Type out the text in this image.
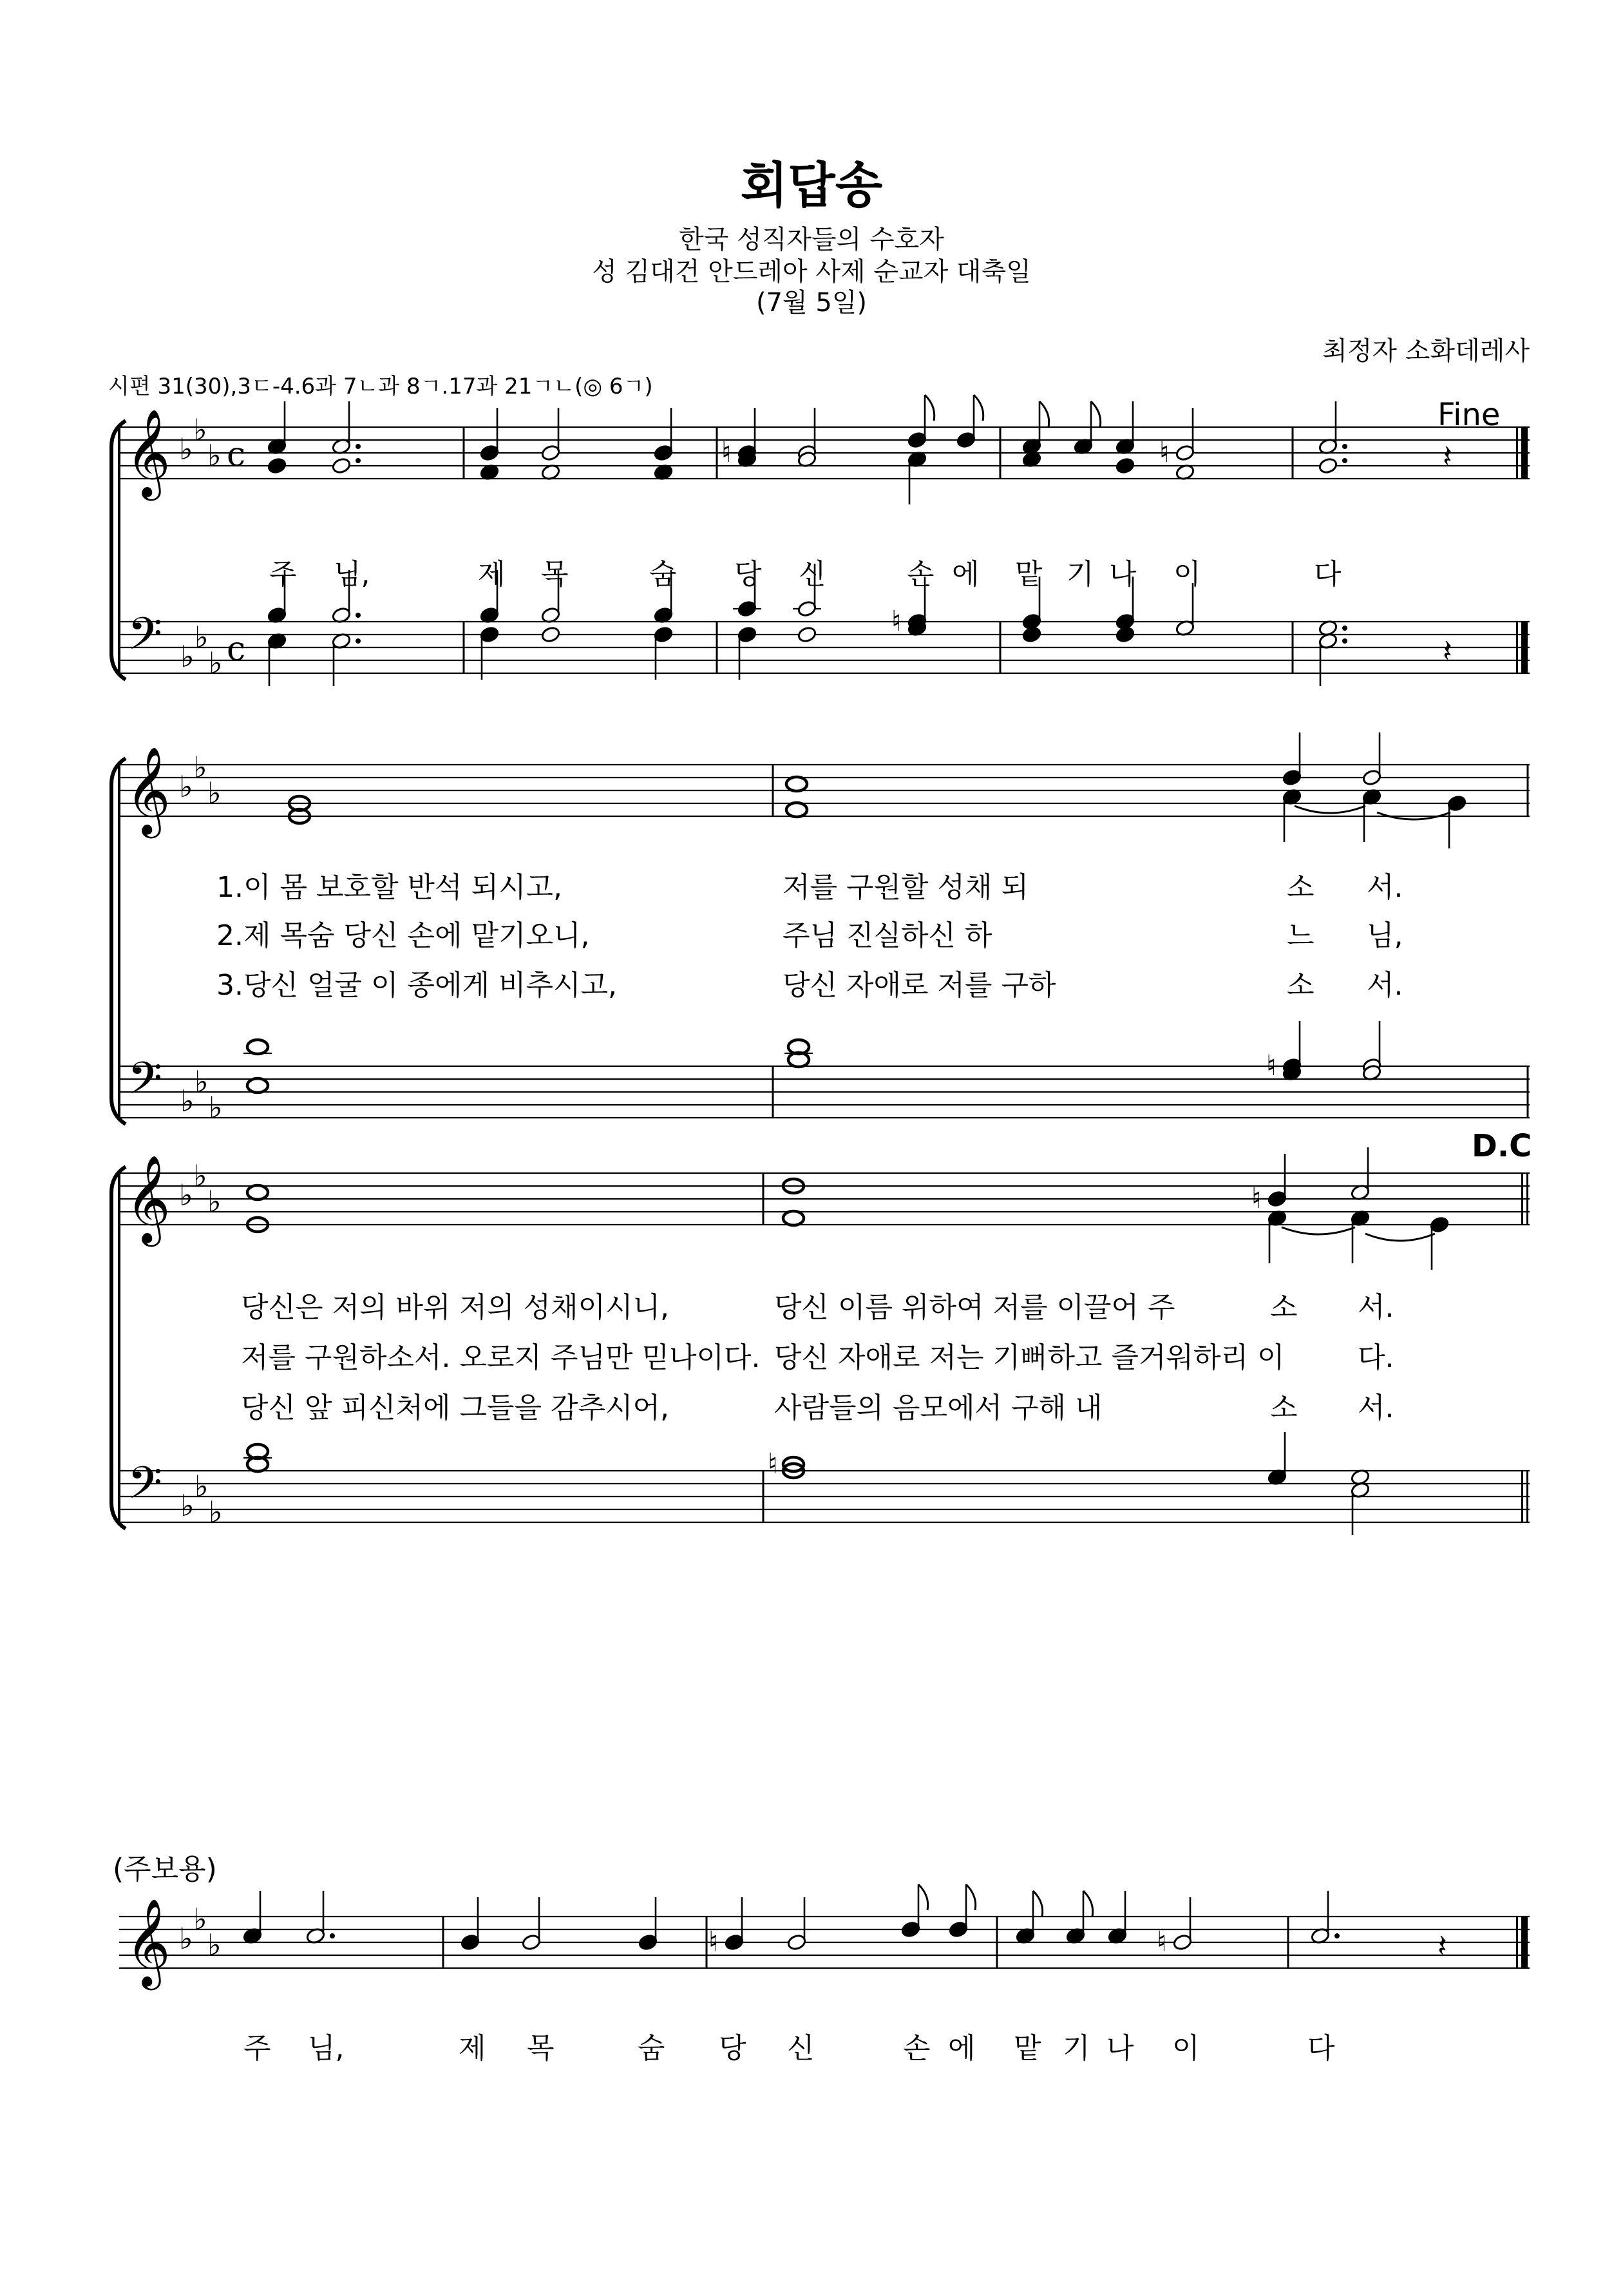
회답송
한국 성직자들의 수호자
성 김대건 안드레아 사제 순교자 대축일
(7월 5일)
최정자 소화데레사
시편 31(30),3ㄷ-4.6과 7ㄴ과 8ㄱ.17과 21ㄱㄴ(◎ 6ㄱ)
Fine
D.C
(주보용)
주 님,	제 목	숨 당 신	손 에 맡 기 나 이	다
1.이 몸 보호할 반석 되시고,	저를 구원할 성채 되	소 서.
2.제 목숨 당신 손에 맡기오니,	주님 진실하신 하	느 님,
3.당신 얼굴 이 종에게 비추시고,	당신 자애로 저를 구하	소 서.
당신은 저의 바위 저의 성채이시니,	당신 이름 위하여 저를 이끌어 주	소 서.
저를 구원하소서. 오로지 주님만 믿나이다. 당신 자애로 저는 기뻐하고 즐거워하리 이	다.
당신 앞 피신처에 그들을 감추시어,	사람들의 음모에서 구해 내	소 서.
주 님,	제 목	숨 당 신	손 에 맡 기 나 이	다
𝄞 ♭
♭
♭ c
𝄢 ♭
♭
♭ c
♮	♮	𝄽
♮
𝄽
𝄞 ♭
♭
♭
𝄢 ♭
♭
♭
♮
𝄞 ♭
♭
♭
𝄢 ♭
♭
♭
♮
♮
𝄞 ♭
♭
♭	♮	♮	𝄽
